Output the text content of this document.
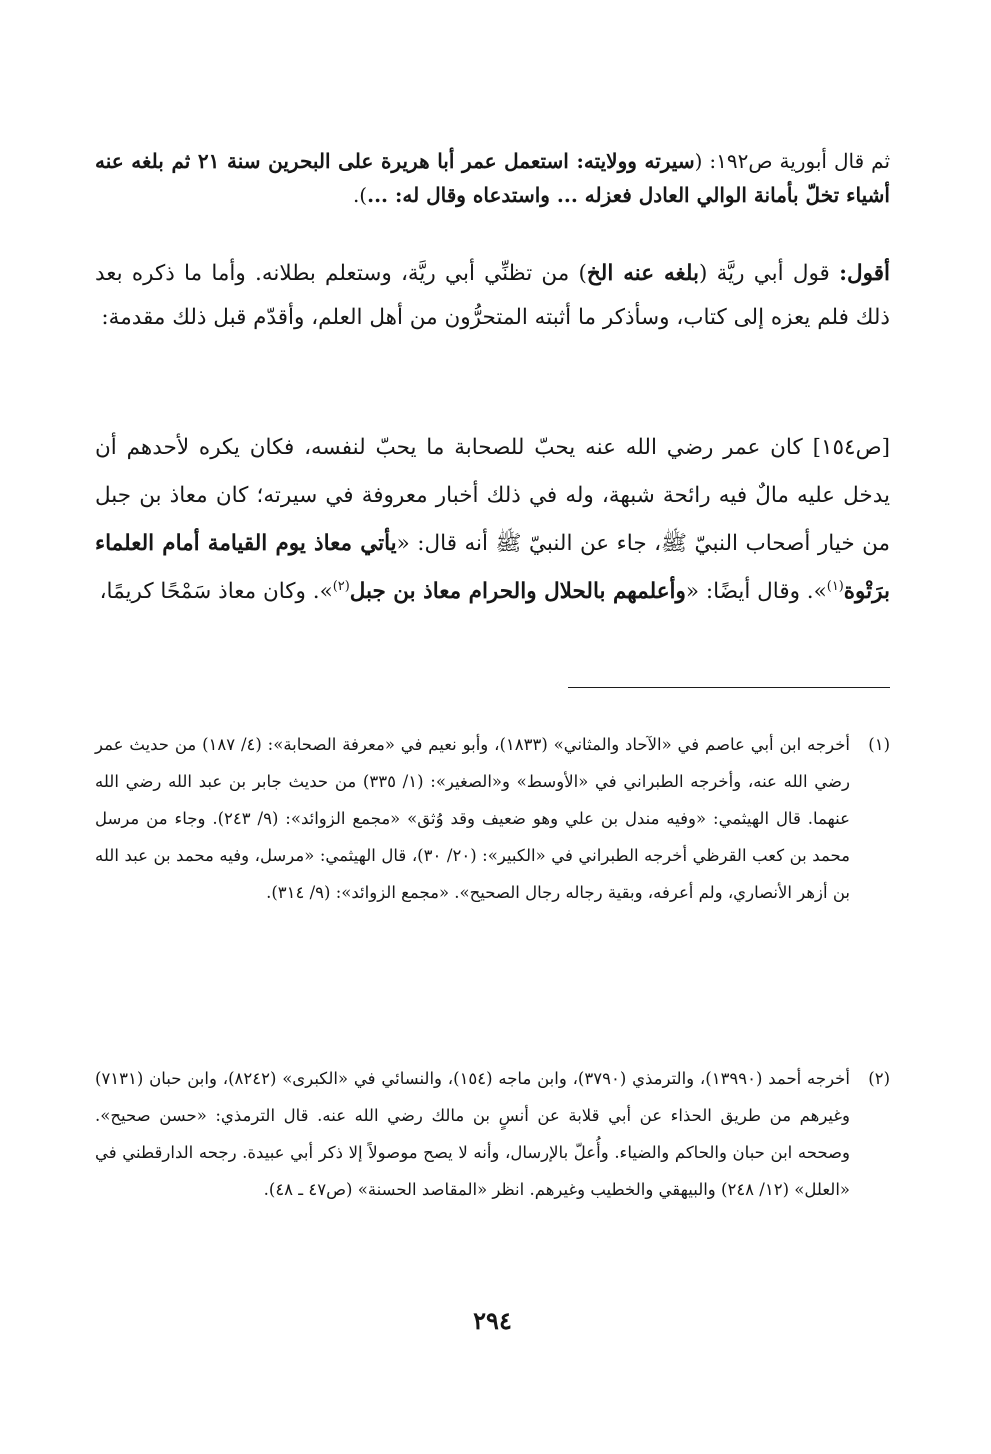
ثم قال أبورية ص١٩٢: (سيرته وولايته: استعمل عمر أبا هريرة على البحرين سنة ٢١ ثم بلغه عنه أشياء تخلّ بأمانة الوالي العادل فعزله ... واستدعاه وقال له: ...).

أقول: قول أبي ريَّة (بلغه عنه الخ) من تظنِّي أبي ريَّة، وستعلم بطلانه. وأما ما ذكره بعد ذلك فلم يعزه إلى كتاب، وسأذكر ما أثبته المتحرُّون من أهل العلم، وأقدّم قبل ذلك مقدمة:

[ص١٥٤] كان عمر رضي الله عنه يحبّ للصحابة ما يحبّ لنفسه، فكان يكره لأحدهم أن يدخل عليه مالٌ فيه رائحة شبهة، وله في ذلك أخبار معروفة في سيرته؛ كان معاذ بن جبل من خيار أصحاب النبيّ ﷺ، جاء عن النبيّ ﷺ أنه قال: «يأتي معاذ يوم القيامة أمام العلماء برَتْوة$^{(١)}$». وقال أيضًا: «وأعلمهم بالحلال والحرام معاذ بن جبل$^{(٢)}$». وكان معاذ سَمْحًا كريمًا،

(١)
أخرجه ابن أبي عاصم في «الآحاد والمثاني» (١٨٣٣)، وأبو نعيم في «معرفة الصحابة»: (٤/ ١٨٧) من حديث عمر رضي الله عنه، وأخرجه الطبراني في «الأوسط» و«الصغير»: (١/ ٣٣٥) من حديث جابر بن عبد الله رضي الله عنهما. قال الهيثمي: «وفيه مندل بن علي وهو ضعيف وقد وُثق» «مجمع الزوائد»: (٩/ ٢٤٣). وجاء من مرسل محمد بن كعب القرظي أخرجه الطبراني في «الكبير»: (٢٠/ ٣٠)، قال الهيثمي: «مرسل، وفيه محمد بن عبد الله بن أزهر الأنصاري، ولم أعرفه، وبقية رجاله رجال الصحيح». «مجمع الزوائد»: (٩/ ٣١٤).
(٢)
أخرجه أحمد (١٣٩٩٠)، والترمذي (٣٧٩٠)، وابن ماجه (١٥٤)، والنسائي في «الكبرى» (٨٢٤٢)، وابن حبان (٧١٣١) وغيرهم من طريق الحذاء عن أبي قلابة عن أنسٍ بن مالك رضي الله عنه. قال الترمذي: «حسن صحيح». وصححه ابن حبان والحاكم والضياء. وأُعلّ بالإرسال، وأنه لا يصح موصولاً إلا ذكر أبي عبيدة. رجحه الدارقطني في «العلل» (١٢/ ٢٤٨) والبيهقي والخطيب وغيرهم. انظر «المقاصد الحسنة» (ص٤٧ ـ ٤٨).
٢٩٤
